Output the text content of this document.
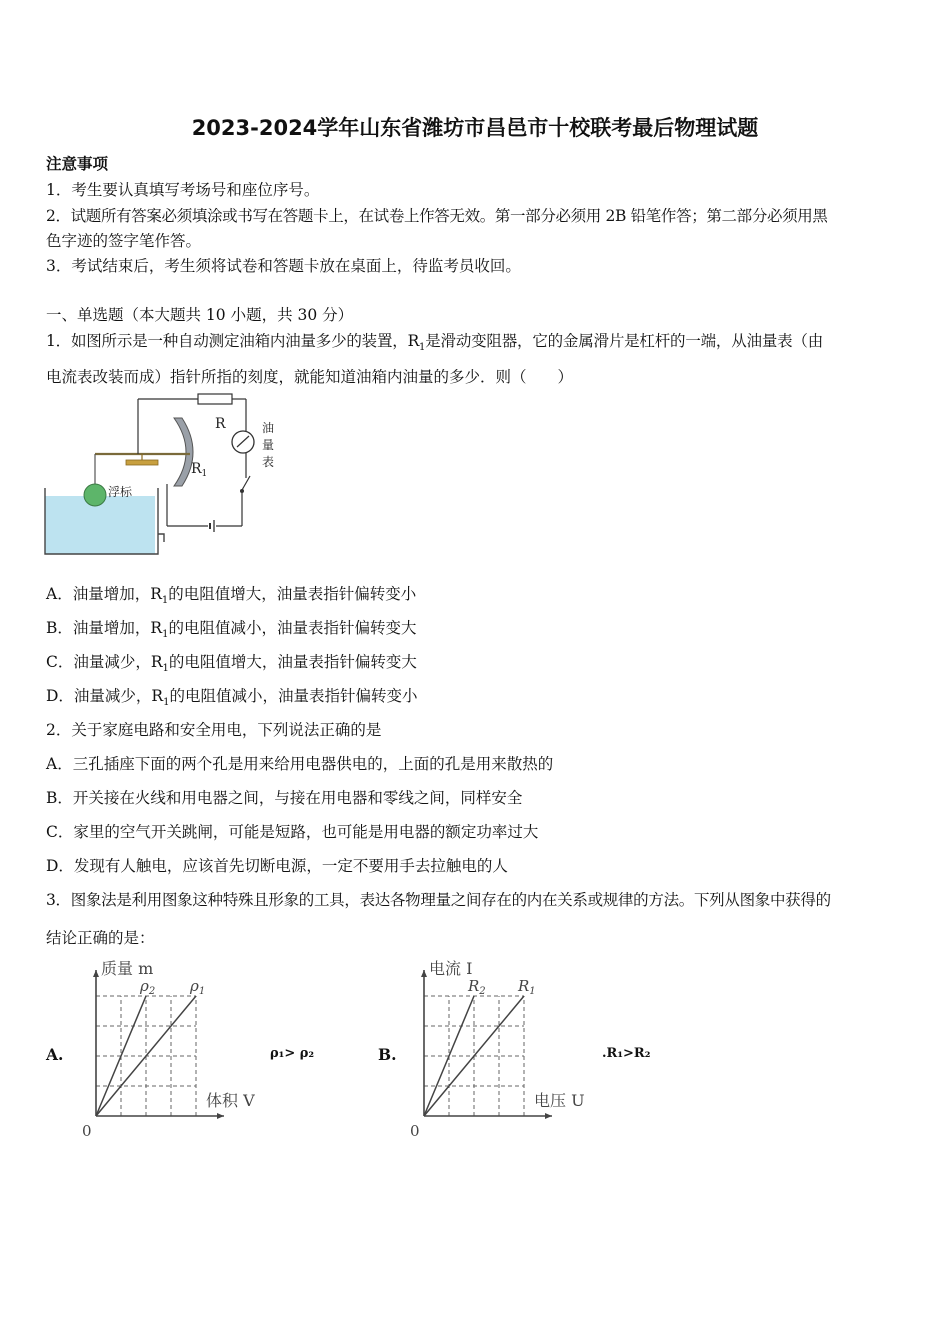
2023-2024学年山东省潍坊市昌邑市十校联考最后物理试题
注意事项
1．考生要认真填写考场号和座位序号。
2．试题所有答案必须填涂或书写在答题卡上，在试卷上作答无效。第一部分必须用 2B 铅笔作答；第二部分必须用黑
色字迹的签字笔作答。
3．考试结束后，考生须将试卷和答题卡放在桌面上，待监考员收回。
一、单选题（本大题共 10 小题，共 30 分）
1．如图所示是一种自动测定油箱内油量多少的装置，$R_1$是滑动变阻器，它的金属滑片是杠杆的一端，从油量表（由
电流表改装而成）指针所指的刻度，就能知道油箱内油量的多少．则（　　）
R
$R_1$
油
量
表
浮标
A．油量增加，$R_1$的电阻值增大，油量表指针偏转变小
B．油量增加，$R_1$的电阻值减小，油量表指针偏转变大
C．油量减少，$R_1$的电阻值增大，油量表指针偏转变大
D．油量减少，$R_1$的电阻值减小，油量表指针偏转变小
2．关于家庭电路和安全用电，下列说法正确的是
A．三孔插座下面的两个孔是用来给用电器供电的，上面的孔是用来散热的
B．开关接在火线和用电器之间，与接在用电器和零线之间，同样安全
C．家里的空气开关跳闸，可能是短路，也可能是用电器的额定功率过大
D．发现有人触电，应该首先切断电源，一定不要用手去拉触电的人
3．图象法是利用图象这种特殊且形象的工具，表达各物理量之间存在的内在关系或规律的方法。下列从图象中获得的
结论正确的是：
A.
$\rho_2$ $\rho_1$
质量 m
体积 V
0
ρ₁> ρ₂	B.
$R_2$ $R_1$
电流 I
电压 U
0
.R₁>R₂
